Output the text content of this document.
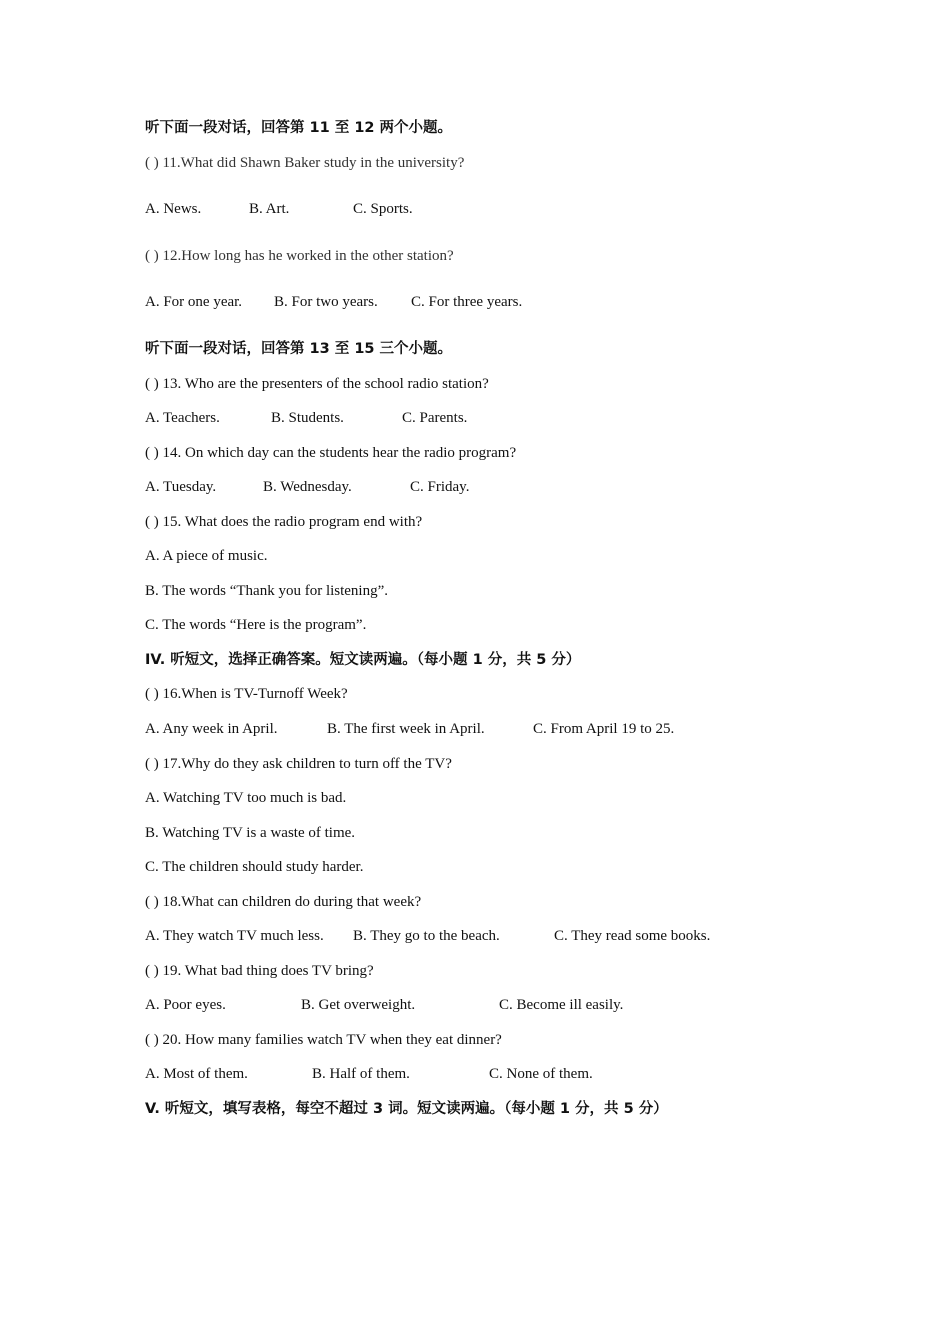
听下面一段对话，回答第 11 至 12 两个小题。
( ) 11.What did Shawn Baker study in the university?
A. News.	B. Art.	C. Sports.
( ) 12.How long has he worked in the other station?
A. For one year. B. For two years. C. For three years.
听下面一段对话，回答第 13 至 15 三个小题。
( ) 13. Who are the presenters of the school radio station?
A. Teachers.	B. Students.	C. Parents.
( ) 14. On which day can the students hear the radio program?
A. Tuesday.	B. Wednesday.	C. Friday.
( ) 15. What does the radio program end with?
A. A piece of music.
B. The words “Thank you for listening”.
C. The words “Here is the program”.
IV. 听短文，选择正确答案。短文读两遍。（每小题 1 分，共 5 分）
( ) 16.When is TV-Turnoff Week?
A. Any week in April.	B. The first week in April.	C. From April 19 to 25.
( ) 17.Why do they ask children to turn off the TV?
A. Watching TV too much is bad.
B. Watching TV is a waste of time.
C. The children should study harder.
( ) 18.What can children do during that week?
A. They watch TV much less. B. They go to the beach.	C. They read some books.
( ) 19. What bad thing does TV bring?
A. Poor eyes.	B. Get overweight.	C. Become ill easily.
( ) 20. How many families watch TV when they eat dinner?
A. Most of them.	B. Half of them.	C. None of them.
V. 听短文，填写表格，每空不超过 3 词。短文读两遍。（每小题 1 分，共 5 分）
